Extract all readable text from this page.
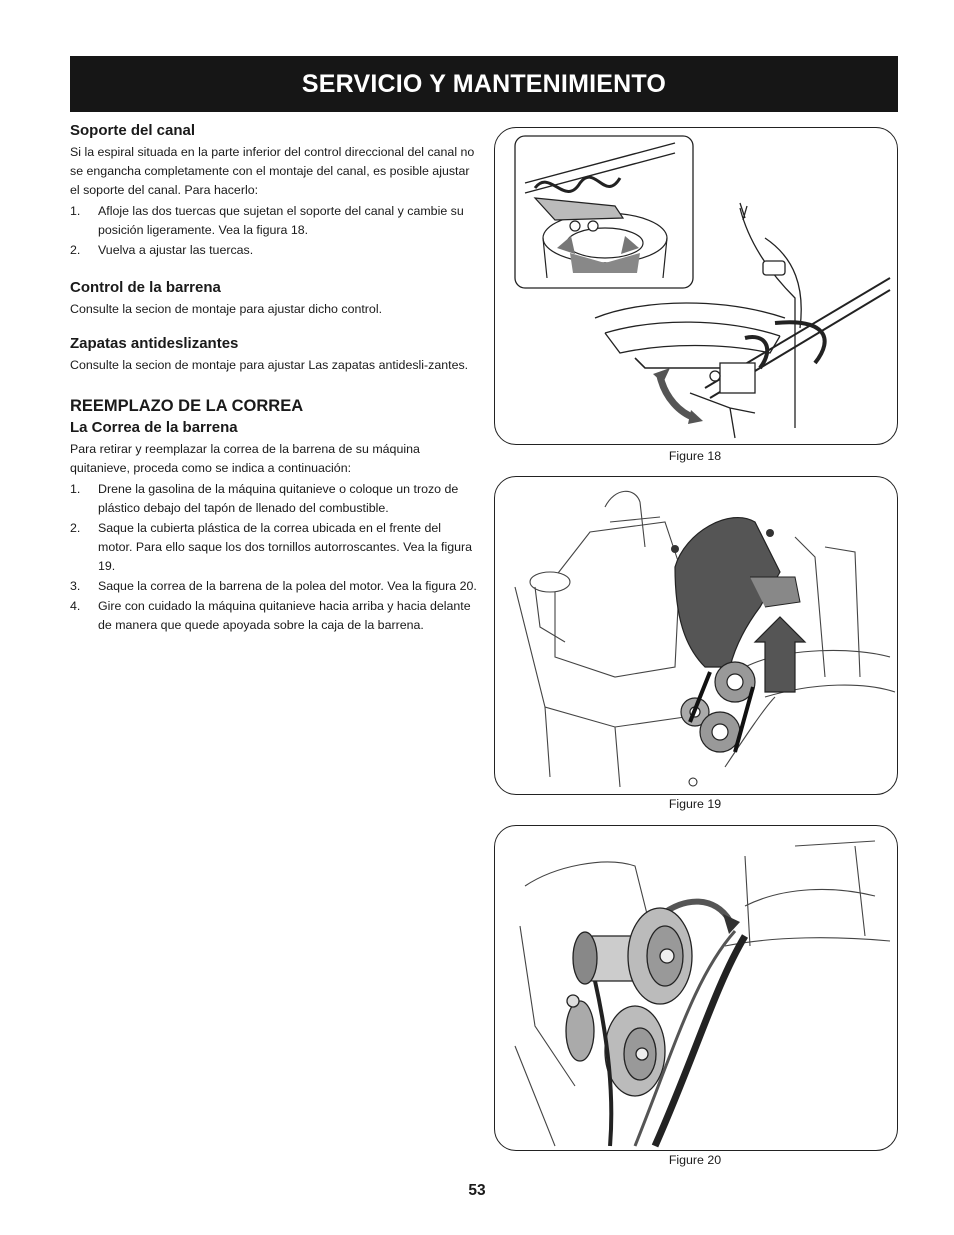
SERVICIO Y MANTENIMIENTO
Soporte del canal

Si la espiral situada en la parte inferior del control direccional del canal no se engancha completamente con el montaje del canal, es posible ajustar el soporte del canal. Para hacerlo:

1. Afloje las dos tuercas que sujetan el soporte del canal y cambie su posición ligeramente. Vea la figura 18.
2. Vuelva a ajustar las tuercas.
Control de la barrena

Consulte la secion de montaje para ajustar dicho control.

Zapatas antideslizantes

Consulte la secion de montaje para ajustar Las zapatas antidesli-zantes.

REEMPLAZO DE LA CORREA
La Correa de la barrena

Para retirar y reemplazar la correa de la barrena de su máquina quitanieve, proceda como se indica a continuación:

1. Drene la gasolina de la máquina quitanieve o coloque un trozo de plástico debajo del tapón de llenado del combustible.
2. Saque la cubierta plástica de la correa ubicada en el frente del motor. Para ello saque los dos tornillos autorroscantes. Vea la figura 19.
3. Saque la correa de la barrena de la polea del motor. Vea la figura 20.
4. Gire con cuidado la máquina quitanieve hacia arriba y hacia delante de manera que quede apoyada sobre la caja de la barrena.
Figure 18
Figure 19
Figure 20
53
